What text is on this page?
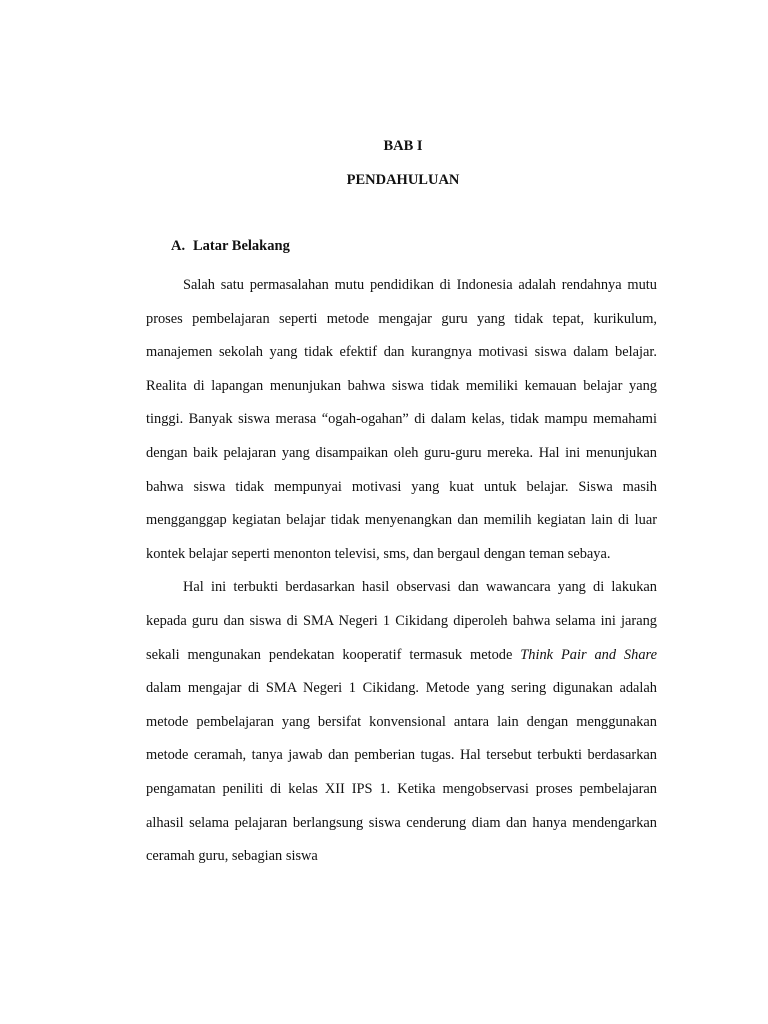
BAB I
PENDAHULUAN
A. Latar Belakang

Salah satu permasalahan mutu pendidikan di Indonesia adalah rendahnya mutu proses pembelajaran seperti metode mengajar guru yang tidak tepat, kurikulum, manajemen sekolah yang tidak efektif dan kurangnya motivasi siswa dalam belajar. Realita di lapangan menunjukan bahwa siswa tidak memiliki kemauan belajar yang tinggi. Banyak siswa merasa “ogah-ogahan” di dalam kelas, tidak mampu memahami dengan baik pelajaran yang disampaikan oleh guru-guru mereka. Hal ini menunjukan bahwa siswa tidak mempunyai motivasi yang kuat untuk belajar. Siswa masih mengganggap kegiatan belajar tidak menyenangkan dan memilih kegiatan lain di luar kontek belajar seperti menonton televisi, sms, dan bergaul dengan teman sebaya.

Hal ini terbukti berdasarkan hasil observasi dan wawancara yang di lakukan kepada guru dan siswa di SMA Negeri 1 Cikidang diperoleh bahwa selama ini jarang sekali mengunakan pendekatan kooperatif termasuk metode Think Pair and Share dalam mengajar di SMA Negeri 1 Cikidang. Metode yang sering digunakan adalah metode pembelajaran yang bersifat konvensional antara lain dengan menggunakan metode ceramah, tanya jawab dan pemberian tugas. Hal tersebut terbukti berdasarkan pengamatan peniliti di kelas XII IPS 1. Ketika mengobservasi proses pembelajaran alhasil selama pelajaran berlangsung siswa cenderung diam dan hanya mendengarkan ceramah guru, sebagian siswa
